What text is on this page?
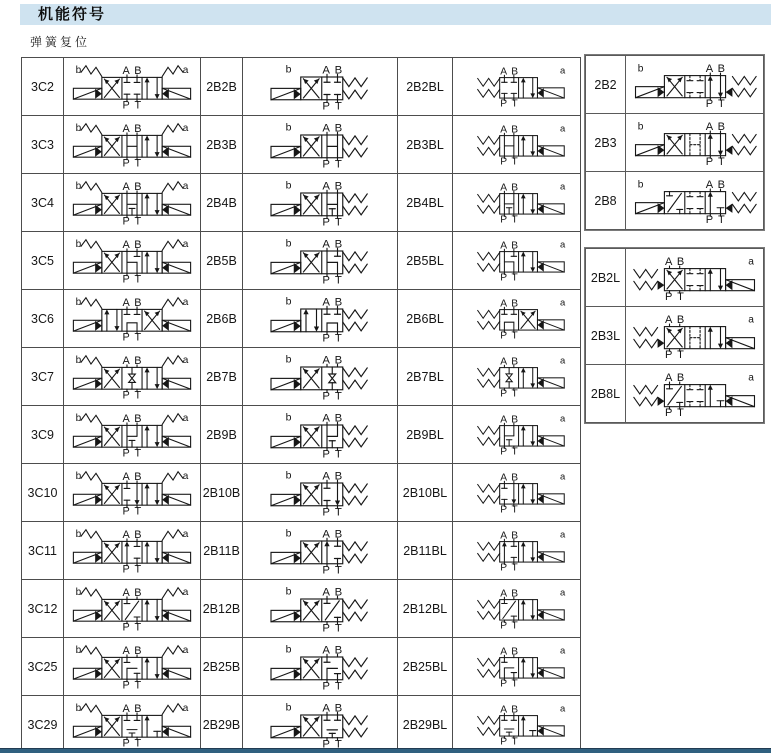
机能符号
弹簧复位
3C2	
A B
P T
b	a
	2B2B	
A B
P T
b
	2B2BL	
A B
P T
a

3C3	
A B
P T
b	a
	2B3B	
A B
P T
b
	2B3BL	
A B
P T
a

3C4	
A B
P T
b	a
	2B4B	
A B
P T
b
	2B4BL	
A B
P T
a

3C5	
A B
P T
b	a
	2B5B	
A B
P T
b
	2B5BL	
A B
P T
a

3C6	
A B
P T
b	a
	2B6B	
A B
P T
b
	2B6BL	
A B
P T
a

3C7	
A B
P T
b	a
	2B7B	
A B
P T
b
	2B7BL	
A B
P T
a

3C9	
A B
P T
b	a
	2B9B	
A B
P T
b
	2B9BL	
A B
P T
a

3C10	
A B
P T
b	a
	2B10B	
A B
P T
b
	2B10BL	
A B
P T
a

3C11	
A B
P T
b	a
	2B11B	
A B
P T
b
	2B11BL	
A B
P T
a

3C12	
A B
P T
b	a
	2B12B	
A B
P T
b
	2B12BL	
A B
P T
a

3C25	
A B
P T
b	a
	2B25B	
A B
P T
b
	2B25BL	
A B
P T
a

3C29	
A B
P T
b	a
	2B29B	
A B
P T
b
	2B29BL	
A B
P T
a
2B2	A B
P T
b

2B3	A B
P T
b

2B8	A B
P T
b
2B2L	A B
P T
a

2B3L	A B
P T
a

2B8L	A B
P T
a
